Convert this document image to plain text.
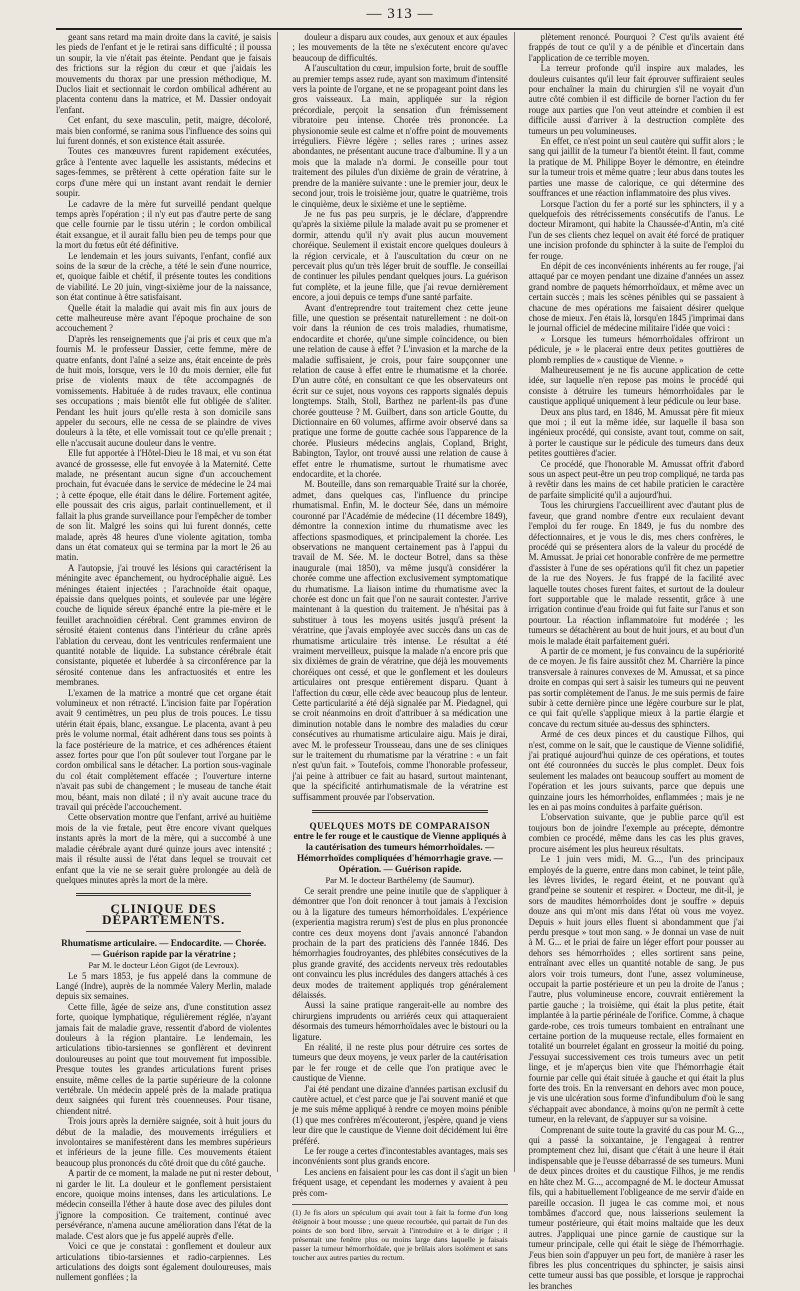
— 313 —

geant sans retard ma main droite dans la cavité, je saisis les pieds de l'enfant et je le retirai sans difficulté ; il poussa un soupir, la vie n'était pas éteinte. Pendant que je faisais des frictions sur la région du cœur et que j'aidais les mouvements du thorax par une pression méthodique, M. Duclos liait et sectionnait le cordon ombilical adhérent au placenta contenu dans la matrice, et M. Dassier ondoyait l'enfant.

Cet enfant, du sexe masculin, petit, maigre, décoloré, mais bien conformé, se ranima sous l'influence des soins qui lui furent donnés, et son existence était assurée.

Toutes ces manœuvres furent rapidement exécutées, grâce à l'entente avec laquelle les assistants, médecins et sages-femmes, se prêtèrent à cette opération faite sur le corps d'une mère qui un instant avant rendait le dernier soupir.

Le cadavre de la mère fut surveillé pendant quelque temps après l'opération ; il n'y eut pas d'autre perte de sang que celle fournie par le tissu utérin ; le cordon ombilical était exsangue, et il aurait fallu bien peu de temps pour que la mort du fœtus eût été définitive.

Le lendemain et les jours suivants, l'enfant, confié aux soins de la sœur de la crèche, a tété le sein d'une nourrice, et, quoique faible et chétif, il présente toutes les conditions de viabilité. Le 20 juin, vingt-sixième jour de la naissance, son état continue à être satisfaisant.

Quelle était la maladie qui avait mis fin aux jours de cette malheureuse mère avant l'époque prochaine de son accouchement ?

D'après les renseignements que j'ai pris et ceux que m'a fournis M. le professeur Dassier, cette femme, mère de quatre enfants, dont l'aîné a seize ans, était enceinte de près de huit mois, lorsque, vers le 10 du mois dernier, elle fut prise de violents maux de tête accompagnés de vomissements. Habituée à de rudes travaux, elle continua ses occupations ; mais bientôt elle fut obligée de s'aliter. Pendant les huit jours qu'elle resta à son domicile sans appeler du secours, elle ne cessa de se plaindre de vives douleurs à la tête, et elle vomissait tout ce qu'elle prenait ; elle n'accusait aucune douleur dans le ventre.

Elle fut apportée à l'Hôtel-Dieu le 18 mai, et vu son état avancé de grossesse, elle fut envoyée à la Maternité. Cette malade, ne présentant aucun signe d'un accouchement prochain, fut évacuée dans le service de médecine le 24 mai ; à cette époque, elle était dans le délire. Fortement agitée, elle poussait des cris aigus, parlait continuellement, et il fallait la plus grande surveillance pour l'empêcher de tomber de son lit. Malgré les soins qui lui furent donnés, cette malade, après 48 heures d'une violente agitation, tomba dans un état comateux qui se termina par la mort le 26 au matin.

A l'autopsie, j'ai trouvé les lésions qui caractérisent la méningite avec épanchement, ou hydrocéphalie aiguë. Les méninges étaient injectées ; l'arachnoïde était opaque, épaissie dans quelques points, et soulevée par une légère couche de liquide séreux épanché entre la pie-mère et le feuillet arachnoïdien cérébral. Cent grammes environ de sérosité étaient contenus dans l'intérieur du crâne après l'ablation du cerveau, dont les ventricules renfermaient une quantité notable de liquide. La substance cérébrale était consistante, piquetée et luberdée à sa circonférence par la sérosité contenue dans les anfractuosités et entre les membranes.

L'examen de la matrice a montré que cet organe était volumineux et non rétracté. L'incision faite par l'opération avait 9 centimètres, un peu plus de trois pouces. Le tissu utérin était épais, blanc, exsangue. Le placenta, avant à peu près le volume normal, était adhérent dans tous ses points à la face postérieure de la matrice, et ces adhérences étaient assez fortes pour que l'on pût soulever tout l'organe par le cordon ombilical sans le détacher. La portion sous-vaginale du col était complètement effacée ; l'ouverture interne n'avait pas subi de changement ; le museau de tanche était mou, béant, mais non dilaté ; il n'y avait aucune trace du travail qui précède l'accouchement.

Cette observation montre que l'enfant, arrivé au huitième mois de la vie fœtale, peut être encore vivant quelques instants après la mort de la mère, qui a succombé à une maladie cérébrale ayant duré quinze jours avec intensité ; mais il résulte aussi de l'état dans lequel se trouvait cet enfant que la vie ne se serait guère prolongée au delà de quelques minutes après la mort de la mère.

CLINIQUE DES DÉPARTEMENTS.

Rhumatisme articulaire. — Endocardite. — Chorée. — Guérison rapide par la vératrine ;

Par M. le docteur Léon Gigot (de Levroux).

Le 5 mars 1853, je fus appelé dans la commune de Langé (Indre), auprès de la nommée Valery Merlin, malade depuis six semaines.

Cette fille, âgée de seize ans, d'une constitution assez forte, quoique lymphatique, régulièrement réglée, n'ayant jamais fait de maladie grave, ressentit d'abord de violentes douleurs à la région plantaire. Le lendemain, les articulations tibio-tarsiennes se gonflèrent et devinrent douloureuses au point que tout mouvement fut impossible. Presque toutes les grandes articulations furent prises ensuite, même celles de la partie supérieure de la colonne vertébrale. Un médecin appelé près de la malade pratiqua deux saignées qui furent très couenneuses. Pour tisane, chiendent nitré.

Trois jours après la dernière saignée, soit à huit jours du début de la maladie, des mouvements irréguliers et involontaires se manifestèrent dans les membres supérieurs et inférieurs de la jeune fille. Ces mouvements étaient beaucoup plus prononcés du côté droit que du côté gauche.

A partir de ce moment, la malade ne put ni rester debout, ni garder le lit. La douleur et le gonflement persistaient encore, quoique moins intenses, dans les articulations. Le médecin conseilla l'éther à haute dose avec des pilules dont j'ignore la composition. Ce traitement, continué avec persévérance, n'amena aucune amélioration dans l'état de la malade. C'est alors que je fus appelé auprès d'elle.

Voici ce que je constatai : gonflement et douleur aux articulations tibio-tarsiennes et radio-carpiennes. Les articulations des doigts sont également douloureuses, mais nullement gonflées ; la

douleur a disparu aux coudes, aux genoux et aux épaules ; les mouvements de la tête ne s'exécutent encore qu'avec beaucoup de difficultés.

A l'auscultation du cœur, impulsion forte, bruit de souffle au premier temps assez rude, ayant son maximum d'intensité vers la pointe de l'organe, et ne se propageant point dans les gros vaisseaux. La main, appliquée sur la région précordiale, perçoit la sensation d'un frémissement vibratoire peu intense. Chorée très prononcée. La physionomie seule est calme et n'offre point de mouvements irréguliers. Fièvre légère ; selles rares ; urines assez abondantes, ne présentant aucune trace d'albumine. Il y a un mois que la malade n'a dormi. Je conseille pour tout traitement des pilules d'un dixième de grain de vératrine, à prendre de la manière suivante : une le premier jour, deux le second jour, trois le troisième jour, quatre le quatrième, trois le cinquième, deux le sixième et une le septième.

Je ne fus pas peu surpris, je le déclare, d'apprendre qu'après la sixième pilule la malade avait pu se promener et dormir, attendu qu'il n'y avait plus aucun mouvement choréique. Seulement il existait encore quelques douleurs à la région cervicale, et à l'auscultation du cœur on ne percevait plus qu'un très léger bruit de souffle. Je conseillai de continuer les pilules pendant quelques jours. La guérison fut complète, et la jeune fille, que j'ai revue dernièrement encore, a joui depuis ce temps d'une santé parfaite.

Avant d'entreprendre tout traitement chez cette jeune fille, une question se présentait naturellement : ne doit-on voir dans la réunion de ces trois maladies, rhumatisme, endocardite et chorée, qu'une simple coïncidence, ou bien une relation de cause à effet ? L'invasion et la marche de la maladie suffisaient, je crois, pour faire soupçonner une relation de cause à effet entre le rhumatisme et la chorée. D'un autre côté, en consultant ce que les observateurs ont écrit sur ce sujet, nous voyons ces rapports signalés depuis longtemps. Stalh, Stoll, Barthez ne parlent-ils pas d'une chorée goutteuse ? M. Guilbert, dans son article Goutte, du Dictionnaire en 60 volumes, affirme avoir observé dans sa pratique une forme de goutte cachée sous l'apparence de la chorée. Plusieurs médecins anglais, Copland, Bright, Babington, Taylor, ont trouvé aussi une relation de cause à effet entre le rhumatisme, surtout le rhumatisme avec endocardite, et la chorée.

M. Bouteille, dans son remarquable Traité sur la chorée, admet, dans quelques cas, l'influence du principe rhumatismal. Enfin, M. le docteur Sée, dans un mémoire couronné par l'Académie de médecine (11 décembre 1849), démontre la connexion intime du rhumatisme avec les affections spasmodiques, et principalement la chorée. Les observations ne manquent certainement pas à l'appui du travail de M. Sée. M. le docteur Botrel, dans sa thèse inaugurale (mai 1850), va même jusqu'à considérer la chorée comme une affection exclusivement symptomatique du rhumatisme. La liaison intime du rhumatisme avec la chorée est donc un fait que l'on ne saurait contester. J'arrive maintenant à la question du traitement. Je n'hésitai pas à substituer à tous les moyens usités jusqu'à présent la vératrine, que j'avais employée avec succès dans un cas de rhumatisme articulaire très intense. Le résultat a été vraiment merveilleux, puisque la malade n'a encore pris que six dixièmes de grain de vératrine, que déjà les mouvements choréiques ont cessé, et que le gonflement et les douleurs articulaires ont presque entièrement disparu. Quant à l'affection du cœur, elle cède avec beaucoup plus de lenteur. Cette particularité a été déjà signalée par M. Piedagnel, qui se croit néanmoins en droit d'attribuer à sa médication une diminution notable dans le nombre des maladies du cœur consécutives au rhumatisme articulaire aigu. Mais je dirai, avec M. le professeur Trousseau, dans une de ses cliniques sur le traitement du rhumatisme par la vératrine : « un fait n'est qu'un fait. » Toutefois, comme l'honorable professeur, j'ai peine à attribuer ce fait au hasard, surtout maintenant, que la spécificité antirhumatismale de la vératrine est suffisamment prouvée par l'observation.

QUELQUES MOTS DE COMPARAISON

entre le fer rouge et le caustique de Vienne appliqués à la cautérisation des tumeurs hémorrhoïdales. — Hémorrhoïdes compliquées d'hémorrhagie grave. — Opération. — Guérison rapide.

Par M. le docteur Barthélemy (de Saumur).

Ce serait prendre une peine inutile que de s'appliquer à démontrer que l'on doit renoncer à tout jamais à l'excision ou à la ligature des tumeurs hémorrhoïdales. L'expérience (experientia magistra rerum) s'est de plus en plus prononcée contre ces deux moyens dont j'avais annoncé l'abandon prochain de la part des praticiens dès l'année 1846. Des hémorrhagies foudroyantes, des phlébites consécutives de la plus grande gravité, des accidents nerveux très redoutables ont convaincu les plus incrédules des dangers attachés à ces deux modes de traitement appliqués trop généralement délaissés.

Aussi la saine pratique rangerait-elle au nombre des chirurgiens imprudents ou arriérés ceux qui attaqueraient désormais des tumeurs hémorrhoïdales avec le bistouri ou la ligature.

En réalité, il ne reste plus pour détruire ces sortes de tumeurs que deux moyens, je veux parler de la cautérisation par le fer rouge et de celle que l'on pratique avec le caustique de Vienne.

J'ai été pendant une dizaine d'années partisan exclusif du cautère actuel, et c'est parce que je l'ai souvent manié et que je me suis même appliqué à rendre ce moyen moins pénible (1) que mes confrères m'écouteront, j'espère, quand je viens leur dire que le caustique de Vienne doit décidément lui être préféré.

Le fer rouge a certes d'incontestables avantages, mais ses inconvénients sont plus grands encore.

Les anciens en faisaient pour les cas dont il s'agit un bien fréquent usage, et cependant les modernes y avaient à peu près com-

(1) Je fis alors un spéculum qui avait tout à fait la forme d'un long étéignoir à bout mousse ; une queue recourbée, qui partait de l'un des points de son bord libre, servait à l'introduire et à le diriger ; il présentait une fenêtre plus ou moins large dans laquelle je faisais passer la tumeur hémorrhoïdale, que je brûlais alors isolément et sans toucher aux autres parties du rectum.

plètement renoncé. Pourquoi ? C'est qu'ils avaient été frappés de tout ce qu'il y a de pénible et d'incertain dans l'application de ce terrible moyen.

La terreur profonde qu'il inspire aux malades, les douleurs cuisantes qu'il leur fait éprouver suffiraient seules pour enchaîner la main du chirurgien s'il ne voyait d'un autre côté combien il est difficile de borner l'action du fer rouge aux parties que l'on veut atteindre et combien il est difficile aussi d'arriver à la destruction complète des tumeurs un peu volumineuses.

En effet, ce n'est point un seul cautère qui suffit alors ; le sang qui jaillit de la tumeur l'a bientôt éteint. Il faut, comme la pratique de M. Philippe Boyer le démontre, en éteindre sur la tumeur trois et même quatre ; leur abus dans toutes les parties une masse de calorique, ce qui détermine des souffrances et une réaction inflammatoire des plus vives.

Lorsque l'action du fer a porté sur les sphincters, il y a quelquefois des rétrécissements consécutifs de l'anus. Le docteur Miramont, qui habite la Chaussée-d'Antin, m'a cité l'un de ses clients chez lequel on avait été forcé de pratiquer une incision profonde du sphincter à la suite de l'emploi du fer rouge.

En dépit de ces inconvénients inhérents au fer rouge, j'ai attaqué par ce moyen pendant une dizaine d'années un assez grand nombre de paquets hémorrhoïdaux, et même avec un certain succès ; mais les scènes pénibles qui se passaient à chacune de mes opérations me faisaient désirer quelque chose de mieux. J'en étais là, lorsqu'en 1845 j'imprimai dans le journal officiel de médecine militaire l'idée que voici :

« Lorsque les tumeurs hémorrhoïdales offriront un pédicule, je » le placerai entre deux petites gouttières de plomb remplies de » caustique de Vienne. »

Malheureusement je ne fis aucune application de cette idée, sur laquelle n'en repose pas moins le procédé qui consiste à détruire les tumeurs hémorrhoïdales par le caustique appliqué uniquement à leur pédicule ou leur base.

Deux ans plus tard, en 1846, M. Amussat père fit mieux que moi ; il eut la même idée, sur laquelle il basa son ingénieux procédé, qui consiste, avant tout, comme on sait, à porter le caustique sur le pédicule des tumeurs dans deux petites gouttières d'acier.

Ce procédé, que l'honorable M. Amussat offrit d'abord sous un aspect peut-être un peu trop compliqué, ne tarda pas à revêtir dans les mains de cet habile praticien le caractère de parfaite simplicité qu'il a aujourd'hui.

Tous les chirurgiens l'accueillirent avec d'autant plus de faveur, que grand nombre d'entre eux reculaient devant l'emploi du fer rouge. En 1849, je fus du nombre des défectionnaires, et je vous le dis, mes chers confrères, le procédé qui se présentera alors de la valeur du procédé de M. Amussat. Je priai cet honorable confrère de me permettre d'assister à l'une de ses opérations qu'il fit chez un papetier de la rue des Noyers. Je fus frappé de la facilité avec laquelle toutes choses furent faites, et surtout de la douleur fort supportable que le malade ressentit, grâce à une irrigation continue d'eau froide qui fut faite sur l'anus et son pourtour. La réaction inflammatoire fut modérée ; les tumeurs se détachèrent au bout de huit jours, et au bout d'un mois le malade était parfaitement guéri.

A partir de ce moment, je fus convaincu de la supériorité de ce moyen. Je fis faire aussitôt chez M. Charrière la pince transversale à rainures convexes de M. Amussat, et sa pince droite en compas qui sert à saisir les tumeurs qui ne peuvent pas sortir complètement de l'anus. Je me suis permis de faire subir à cette dernière pince une légère courbure sur le plat, ce qui fait qu'elle s'applique mieux à la partie élargie et concave du rectum située au-dessus des sphincters.

Armé de ces deux pinces et du caustique Filhos, qui n'est, comme on le sait, que le caustique de Vienne solidifié, j'ai pratiqué aujourd'hui quinze de ces opérations, et toutes ont été couronnées du succès le plus complet. Deux fois seulement les malades ont beaucoup souffert au moment de l'opération et les jours suivants, parce que depuis une quinzaine jours les hémorrhoïdes, enflammées ; mais je ne les en ai pas moins conduites à parfaite guérison.

L'observation suivante, que je publie parce qu'il est toujours bon de joindre l'exemple au précepte, démontre combien ce procédé, même dans les cas les plus graves, procure aisément les plus heureux résultats.

Le 1 juin vers midi, M. G..., l'un des principaux employés de la guerre, entre dans mon cabinet, le teint pâle, les lèvres livides, le regard éteint, et ne pouvant qu'à grand'peine se soutenir et respirer. « Docteur, me dit-il, je sors de maudites hémorrhoïdes dont je souffre » depuis douze ans qui m'ont mis dans l'état où vous me voyez. Depuis » huit jours elles fluent si abondamment que j'ai perdu presque » tout mon sang. » Je donnai un vase de nuit à M. G... et le priai de faire un léger effort pour pousser au dehors ses hémorrhoïdes ; elles sortirent sans peine, entraînant avec elles un quantité notable de sang. Je pus alors voir trois tumeurs, dont l'une, assez volumineuse, occupait la partie postérieure et un peu la droite de l'anus ; l'autre, plus volumineuse encore, couvrait entièrement la partie gauche ; la troisième, qui était la plus petite, était implantée à la partie périnéale de l'orifice. Comme, à chaque garde-robe, ces trois tumeurs tombaient en entraînant une certaine portion de la muqueuse rectale, elles formaient en totalité un bourrelet égalant en grosseur la moitié du poing. J'essuyai successivement ces trois tumeurs avec un petit linge, et je m'aperçus bien vite que l'hémorrhagie était fournie par celle qui était située à gauche et qui était la plus forte des trois. En la renversant en dehors avec mon pouce, je vis une ulcération sous forme d'infundibulum d'où le sang s'échappait avec abondance, à moins qu'on ne permît à cette tumeur, en la relevant, de s'appuyer sur sa voisine.

Comprenant de suite toute la gravité du cas pour M. G..., qui a passé la soixantaine, je l'engageai à rentrer promptement chez lui, disant que c'était à une heure il était indispensable que je l'eusse débarrassé de ses tumeurs. Muni de deux pinces droites et du caustique Filhos, je me rendis en hâte chez M. G..., accompagné de M. le docteur Amussat fils, qui a habituellement l'obligeance de me servir d'aide en pareille occasion. Il jugea le cas comme moi, et nous tombâmes d'accord que, nous laisserions seulement la tumeur postérieure, qui était moins maltaide que les deux autres. J'appliquai une pince garnie de caustique sur la tumeur principale, celle qui était le siège de l'hémorrhagie. J'eus bien soin d'appuyer un peu fort, de manière à raser les fibres les plus concentriques du sphincter, je saisis ainsi cette tumeur aussi bas que possible, et lorsque je rapprochai les branches
